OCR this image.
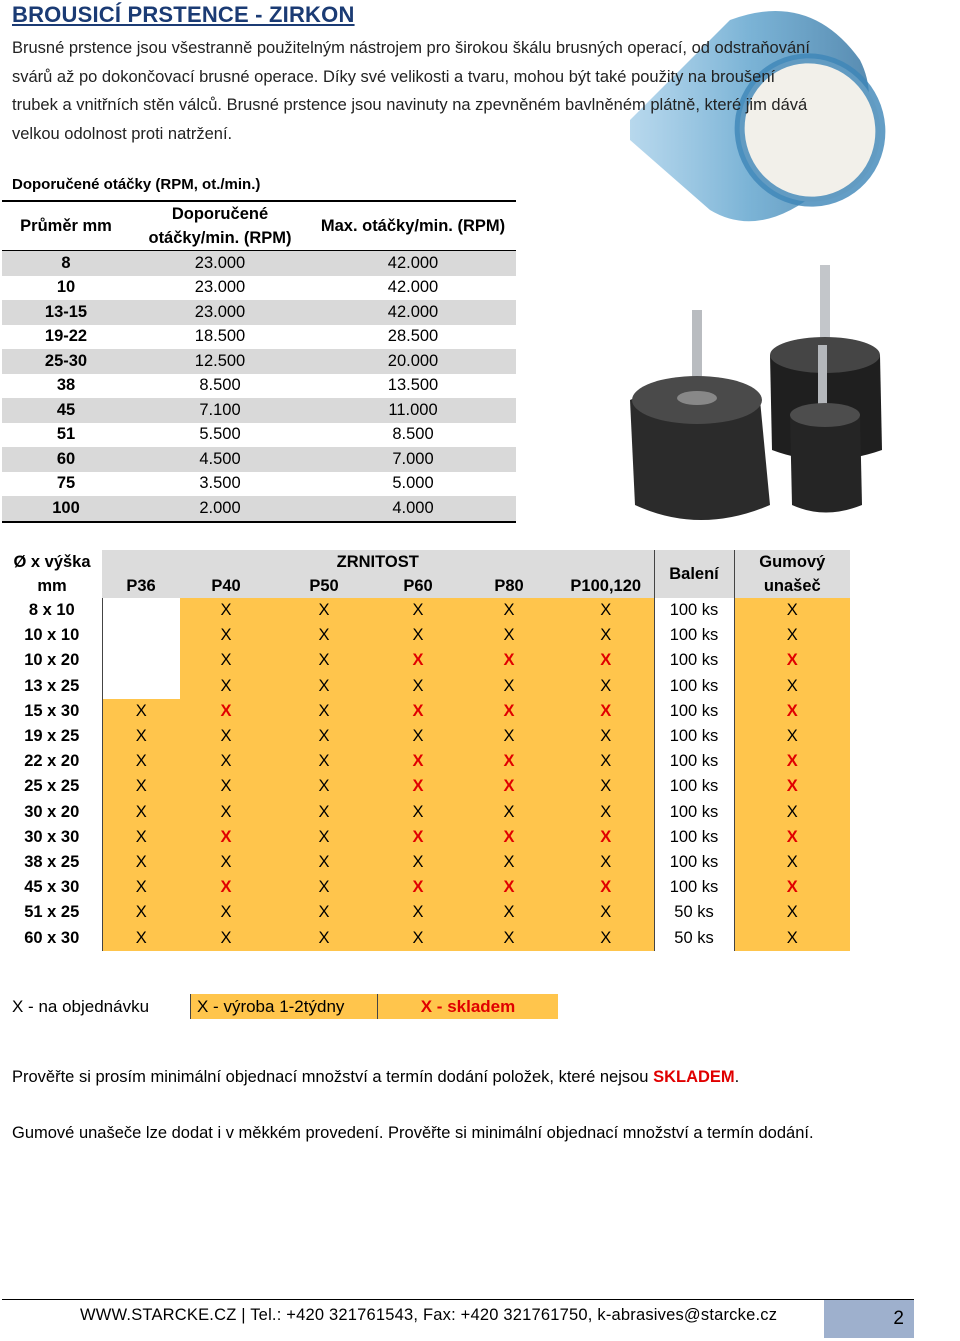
BROUSICÍ PRSTENCE - ZIRKON
Brusné prstence jsou všestranně použitelným nástrojem pro širokou škálu brusných operací, od odstraňování
svárů až po dokončovací brusné operace. Díky své velikosti a tvaru, mohou být také použity na broušení
trubek a vnitřních stěn válců. Brusné prstence jsou navinuty na zpevněném bavlněném plátně, které jim dává
velkou odolnost proti natržení.
Doporučené otáčky (RPM, ot./min.)
Průměr mm	Doporučené otáčky/min. (RPM)	Max. otáčky/min. (RPM)
8	23.000	42.000
10	23.000	42.000
13-15	23.000	42.000
19-22	18.500	28.500
25-30	12.500	20.000
38	8.500	13.500
45	7.100	11.000
51	5.500	8.500
60	4.500	7.000
75	3.500	5.000
100	2.000	4.000
Ø x výška mm	ZRNITOST						Balení	Gumový unašeč
	P36	P40	P50	P60	P80	P100,120		
8 x 10		X	X	X	X	X	100 ks	X
10 x 10		X	X	X	X	X	100 ks	X
10 x 20		X	X	X	X	X	100 ks	X
13 x 25		X	X	X	X	X	100 ks	X
15 x 30	X	X	X	X	X	X	100 ks	X
19 x 25	X	X	X	X	X	X	100 ks	X
22 x 20	X	X	X	X	X	X	100 ks	X
25 x 25	X	X	X	X	X	X	100 ks	X
30 x 20	X	X	X	X	X	X	100 ks	X
30 x 30	X	X	X	X	X	X	100 ks	X
38 x 25	X	X	X	X	X	X	100 ks	X
45 x 30	X	X	X	X	X	X	100 ks	X
51 x 25	X	X	X	X	X	X	50 ks	X
60 x 30	X	X	X	X	X	X	50 ks	X
X - na objednávku	X - výroba 1-2týdny	X - skladem
Prověřte si prosím minimální objednací množství a termín dodání položek, které nejsou SKLADEM.
Gumové unašeče lze dodat i v měkkém provedení. Prověřte si minimální objednací množství a termín dodání.
WWW.STARCKE.CZ | Tel.: +420 321761543, Fax: +420 321761750, k-abrasives@starcke.cz	2
